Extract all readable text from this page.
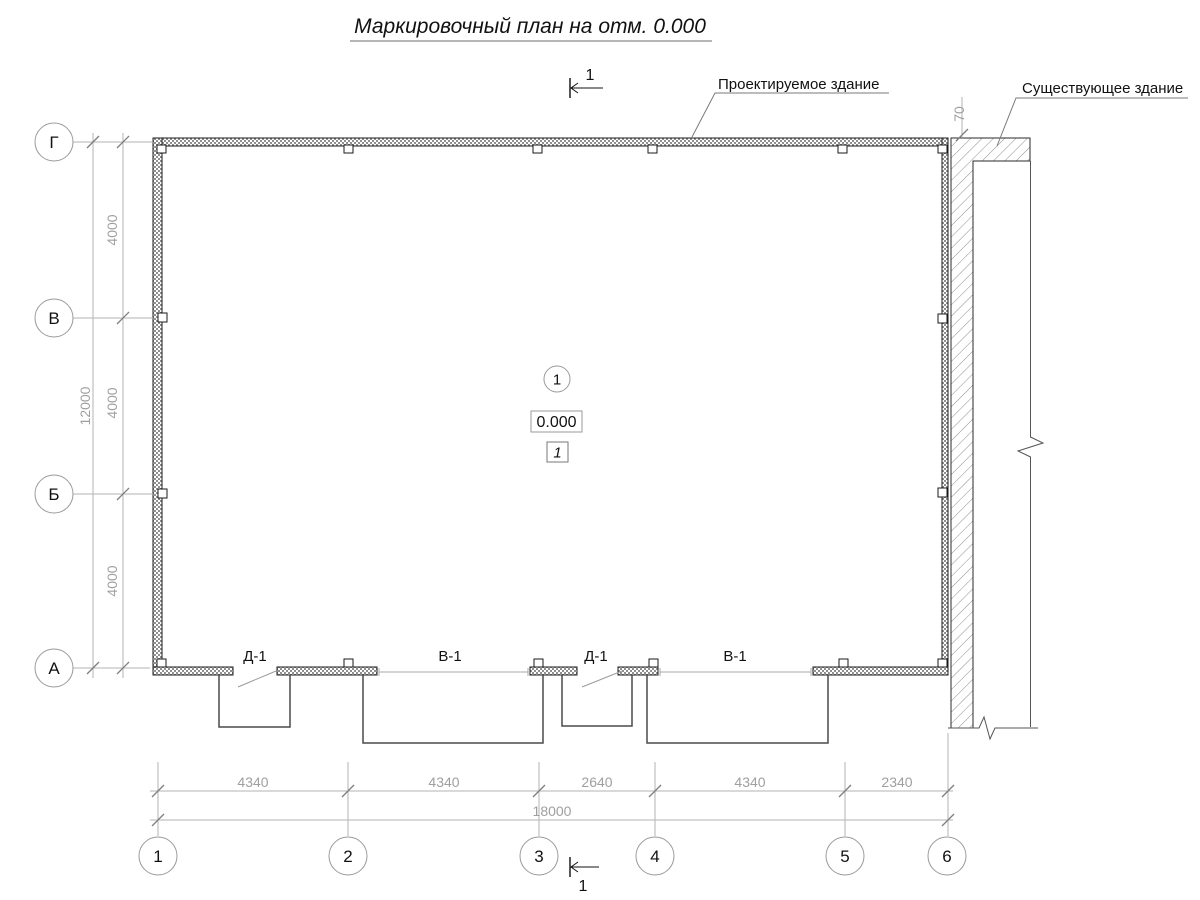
Маркировочный план на отм. 0.000
70
Проектируемое здание	Существующее здание
1
1
1
0.000
1
Д-1	В-1	Д-1	В-1
Г
В
Б
А
4000
4000
4000
12000
4340	4340	2640	4340	2340
18000
1	2	3	4	5	6
